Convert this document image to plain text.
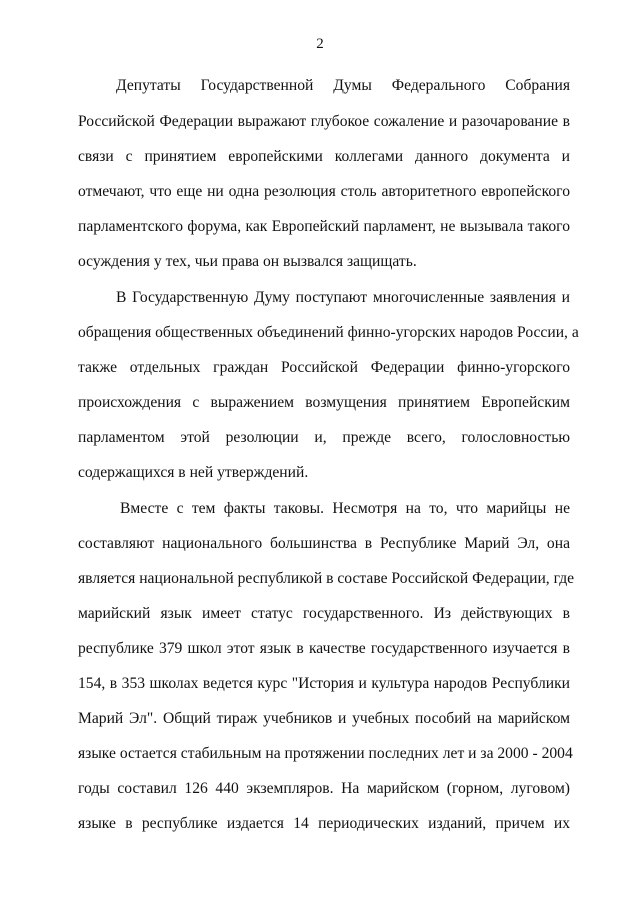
2
Депутаты Государственной Думы Федерального Собрания
Российской Федерации выражают глубокое сожаление и разочарование в
связи с принятием европейскими коллегами данного документа и
отмечают, что еще ни одна резолюция столь авторитетного европейского
парламентского форума, как Европейский парламент, не вызывала такого
осуждения у тех, чьи права он вызвался защищать.
В Государственную Думу поступают многочисленные заявления и
обращения общественных объединений финно-угорских народов России, а
также отдельных граждан Российской Федерации финно-угорского
происхождения с выражением возмущения принятием Европейским
парламентом этой резолюции и, прежде всего, голословностью
содержащихся в ней утверждений.
Вместе с тем факты таковы. Несмотря на то, что марийцы не
составляют национального большинства в Республике Марий Эл, она
является национальной республикой в составе Российской Федерации, где
марийский язык имеет статус государственного. Из действующих в
республике 379 школ этот язык в качестве государственного изучается в
154, в 353 школах ведется курс "История и культура народов Республики
Марий Эл". Общий тираж учебников и учебных пособий на марийском
языке остается стабильным на протяжении последних лет и за 2000 - 2004
годы составил 126 440 экземпляров. На марийском (горном, луговом)
языке в республике издается 14 периодических изданий, причем их
